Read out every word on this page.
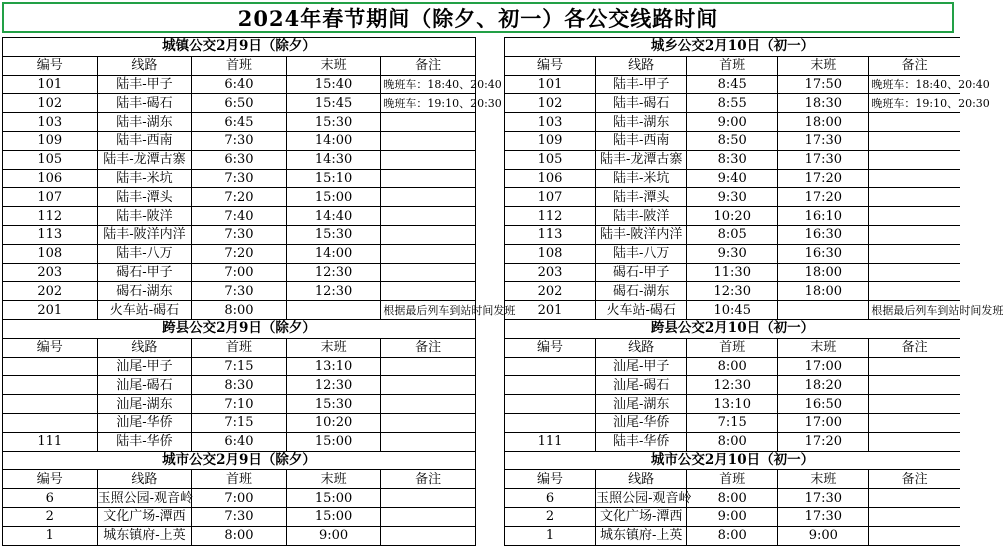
2024年春节期间（除夕、初一）各公交线路时间
城镇公交2月9日（除夕）				
编号	线路	首班	末班	备注
101	陆丰-甲子	6:40	15:40	晚班车：18:40、20:40
102	陆丰-碣石	6:50	15:45	晚班车：19:10、20:30
103	陆丰-湖东	6:45	15:30	
109	陆丰-西南	7:30	14:00	
105	陆丰-龙潭古寨	6:30	14:30	
106	陆丰-米坑	7:30	15:10	
107	陆丰-潭头	7:20	15:00	
112	陆丰-陂洋	7:40	14:40	
113	陆丰-陂洋内洋	7:30	15:30	
108	陆丰-八万	7:20	14:00	
203	碣石-甲子	7:00	12:30	
202	碣石-湖东	7:30	12:30	
201	火车站-碣石	8:00		根据最后列车到站时间发班
跨县公交2月9日（除夕）				
编号	线路	首班	末班	备注
	汕尾-甲子	7:15	13:10	
	汕尾-碣石	8:30	12:30	
	汕尾-湖东	7:10	15:30	
	汕尾-华侨	7:15	10:20	
111	陆丰-华侨	6:40	15:00	
城市公交2月9日（除夕）				
编号	线路	首班	末班	备注
6	玉照公园-观音岭	7:00	15:00	
2	文化广场-潭西	7:30	15:00	
1	城东镇府-上英	8:00	9:00	
城乡公交2月10日（初一）				
编号	线路	首班	末班	备注
101	陆丰-甲子	8:45	17:50	晚班车：18:40、20:40
102	陆丰-碣石	8:55	18:30	晚班车：19:10、20:30
103	陆丰-湖东	9:00	18:00	
109	陆丰-西南	8:50	17:30	
105	陆丰-龙潭古寨	8:30	17:30	
106	陆丰-米坑	9:40	17:20	
107	陆丰-潭头	9:30	17:20	
112	陆丰-陂洋	10:20	16:10	
113	陆丰-陂洋内洋	8:05	16:30	
108	陆丰-八万	9:30	16:30	
203	碣石-甲子	11:30	18:00	
202	碣石-湖东	12:30	18:00	
201	火车站-碣石	10:45		根据最后列车到站时间发班
跨县公交2月10日（初一）				
编号	线路	首班	末班	备注
	汕尾-甲子	8:00	17:00	
	汕尾-碣石	12:30	18:20	
	汕尾-湖东	13:10	16:50	
	汕尾-华侨	7:15	17:00	
111	陆丰-华侨	8:00	17:20	
城市公交2月10日（初一）				
编号	线路	首班	末班	备注
6	玉照公园-观音岭	8:00	17:30	
2	文化广场-潭西	9:00	17:30	
1	城东镇府-上英	8:00	9:00	
